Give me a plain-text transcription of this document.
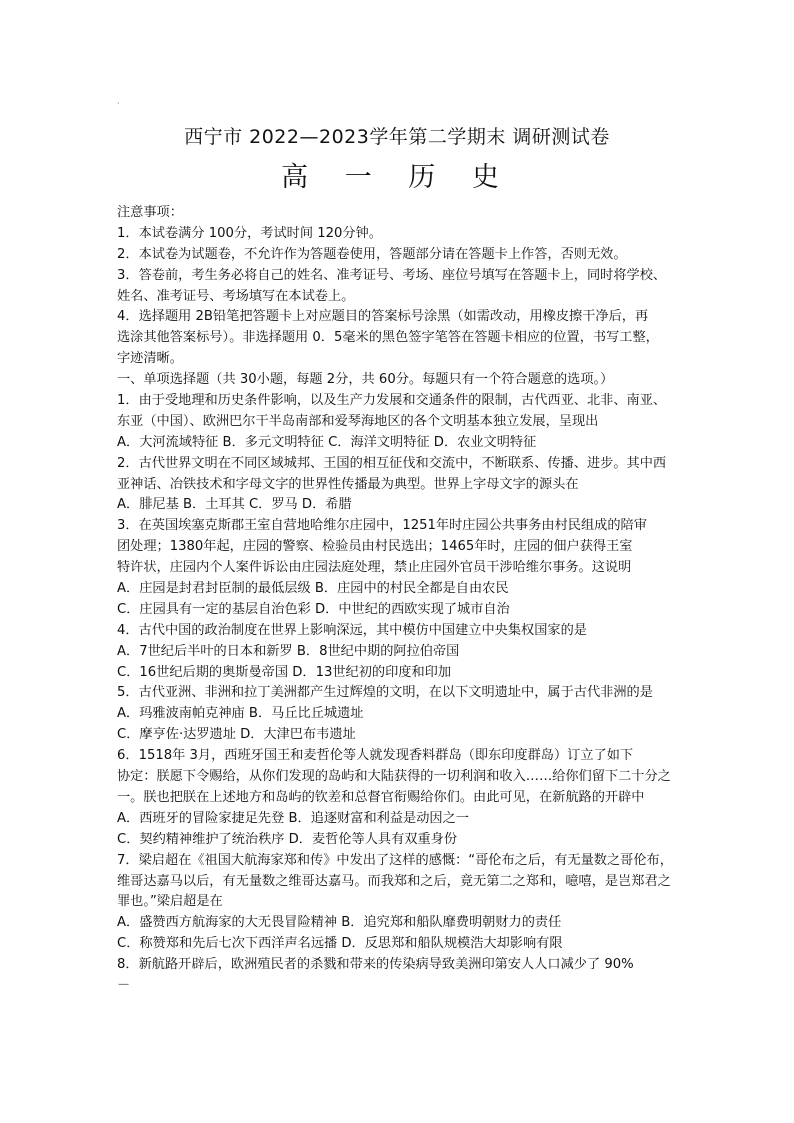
·
西宁市 2022—2023学年第二学期末 调研测试卷
高 一 历 史
注意事项：
1．本试卷满分 100分，考试时间 120分钟。
2．本试卷为试题卷，不允许作为答题卷使用，答题部分请在答题卡上作答，否则无效。
3．答卷前，考生务必将自己的姓名、准考证号、考场、座位号填写在答题卡上，同时将学校、
姓名、准考证号、考场填写在本试卷上。
4．选择题用 2B铅笔把答题卡上对应题目的答案标号涂黑（如需改动，用橡皮擦干净后，再
选涂其他答案标号）。非选择题用 0．5毫米的黑色签字笔答在答题卡相应的位置，书写工整，
字迹清晰。
一、单项选择题（共 30小题，每题 2分，共 60分。每题只有一个符合题意的选项。）
1．由于受地理和历史条件影响，以及生产力发展和交通条件的限制，古代西亚、北非、南亚、
东亚（中国）、欧洲巴尔干半岛南部和爱琴海地区的各个文明基本独立发展，呈现出
A．大河流域特征 B．多元文明特征 C．海洋文明特征 D．农业文明特征
2．古代世界文明在不同区域城邦、王国的相互征伐和交流中，不断联系、传播、进步。其中西
亚神话、冶铁技术和字母文字的世界性传播最为典型。世界上字母文字的源头在
A．腓尼基 B．土耳其 C．罗马 D．希腊
3．在英国埃塞克斯郡王室自营地哈维尔庄园中，1251年时庄园公共事务由村民组成的陪审
团处理；1380年起，庄园的警察、检验员由村民选出；1465年时，庄园的佃户获得王室
特许状，庄园内个人案件诉讼由庄园法庭处理，禁止庄园外官员干涉哈维尔事务。这说明
A．庄园是封君封臣制的最低层级 B．庄园中的村民全都是自由农民
C．庄园具有一定的基层自治色彩 D．中世纪的西欧实现了城市自治
4．古代中国的政治制度在世界上影响深远，其中模仿中国建立中央集权国家的是
A．7世纪后半叶的日本和新罗 B．8世纪中期的阿拉伯帝国
C．16世纪后期的奥斯曼帝国 D．13世纪初的印度和印加
5．古代亚洲、非洲和拉丁美洲都产生过辉煌的文明，在以下文明遗址中，属于古代非洲的是
A．玛雅波南帕克神庙 B．马丘比丘城遗址
C．摩亨佐·达罗遗址 D．大津巴布韦遗址
6．1518年 3月，西班牙国王和麦哲伦等人就发现香料群岛（即东印度群岛）订立了如下
协定：朕愿下令赐给，从你们发现的岛屿和大陆获得的一切利润和收入……给你们留下二十分之
一。朕也把朕在上述地方和岛屿的钦差和总督官衔赐给你们。由此可见，在新航路的开辟中
A．西班牙的冒险家捷足先登 B．追逐财富和利益是动因之一
C．契约精神维护了统治秩序 D．麦哲伦等人具有双重身份
7．梁启超在《祖国大航海家郑和传》中发出了这样的感慨：“哥伦布之后，有无量数之哥伦布，
维哥达嘉马以后，有无量数之维哥达嘉马。而我郑和之后，竟无第二之郑和，噫嘻，是岂郑君之
罪也。”梁启超是在
A．盛赞西方航海家的大无畏冒险精神 B．追究郑和船队靡费明朝财力的责任
C．称赞郑和先后七次下西洋声名远播 D．反思郑和船队规模浩大却影响有限
8．新航路开辟后，欧洲殖民者的杀戮和带来的传染病导致美洲印第安人人口减少了 90%
－
